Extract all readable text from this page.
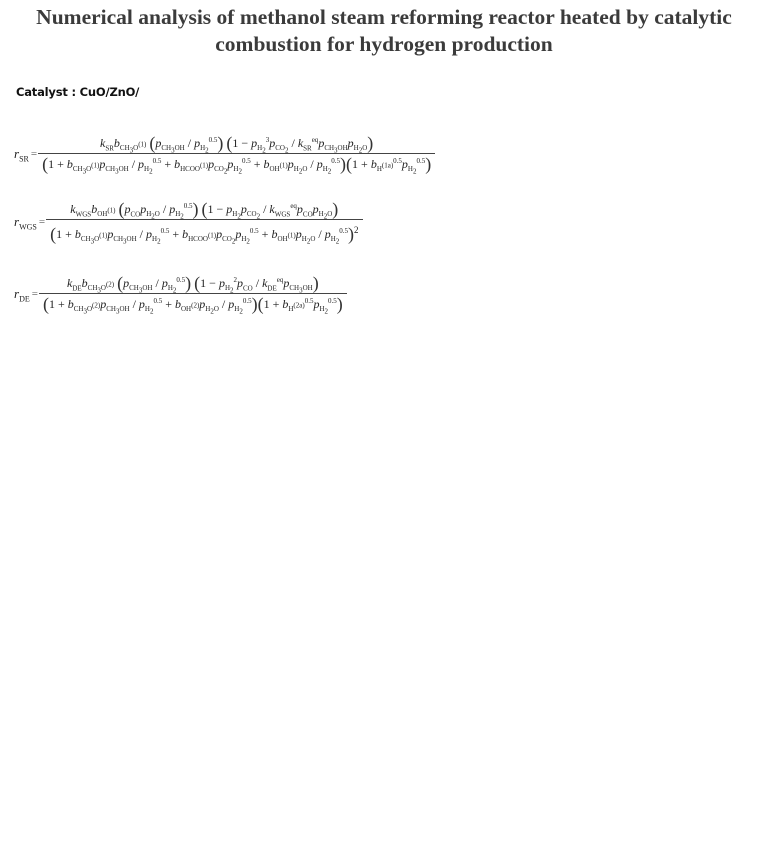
Numerical analysis of methanol steam reforming reactor heated by catalytic combustion for hydrogen production
Catalyst : CuO/ZnO/
$r_{SR}$ =
$k_{SR}b_{CH_3O^{(1)}}$ $(p_{CH_3OH} / p_{H_2}^{0.5}) (1 - p_{H_2}^3p_{CO_2} / k_{SR}^{eq}p_{CH_3OH}p_{H_2O})$
$(1 + b_{CH_3O^{(1)}}p_{CH_3OH} / p_{H_2}^{0.5} + b_{HCOO^{(1)}}p_{CO_2}p_{H_2}^{0.5} + b_{OH^{(1)}}p_{H_2O} / p_{H_2}^{0.5})(1 + b_{H^{(1a)}}^{0.5}p_{H_2}^{0.5})$
$r_{WGS}$ =
$k_{WGS}b_{OH^{(1)}}$ $(p_{CO}p_{H_2O} / p_{H_2}^{0.5}) (1 - p_{H_2}p_{CO_2} / k_{WGS}^{eq}p_{CO}p_{H_2O})$
$(1 + b_{CH_3O^{(1)}}p_{CH_3OH} / p_{H_2}^{0.5} + b_{HCOO^{(1)}}p_{CO_2}p_{H_2}^{0.5} + b_{OH^{(1)}}p_{H_2O} / p_{H_2}^{0.5})^2$
$r_{DE}$ =
$k_{DE}b_{CH_3O^{(2)}}$ $(p_{CH_3OH} / p_{H_2}^{0.5}) (1 - p_{H_2}^2p_{CO} / k_{DE}^{eq}p_{CH_3OH})$
$(1 + b_{CH_3O^{(2)}}p_{CH_3OH} / p_{H_2}^{0.5} + b_{OH^{(2)}}p_{H_2O} / p_{H_2}^{0.5})(1 + b_{H^{(2a)}}^{0.5}p_{H_2}^{0.5})$
